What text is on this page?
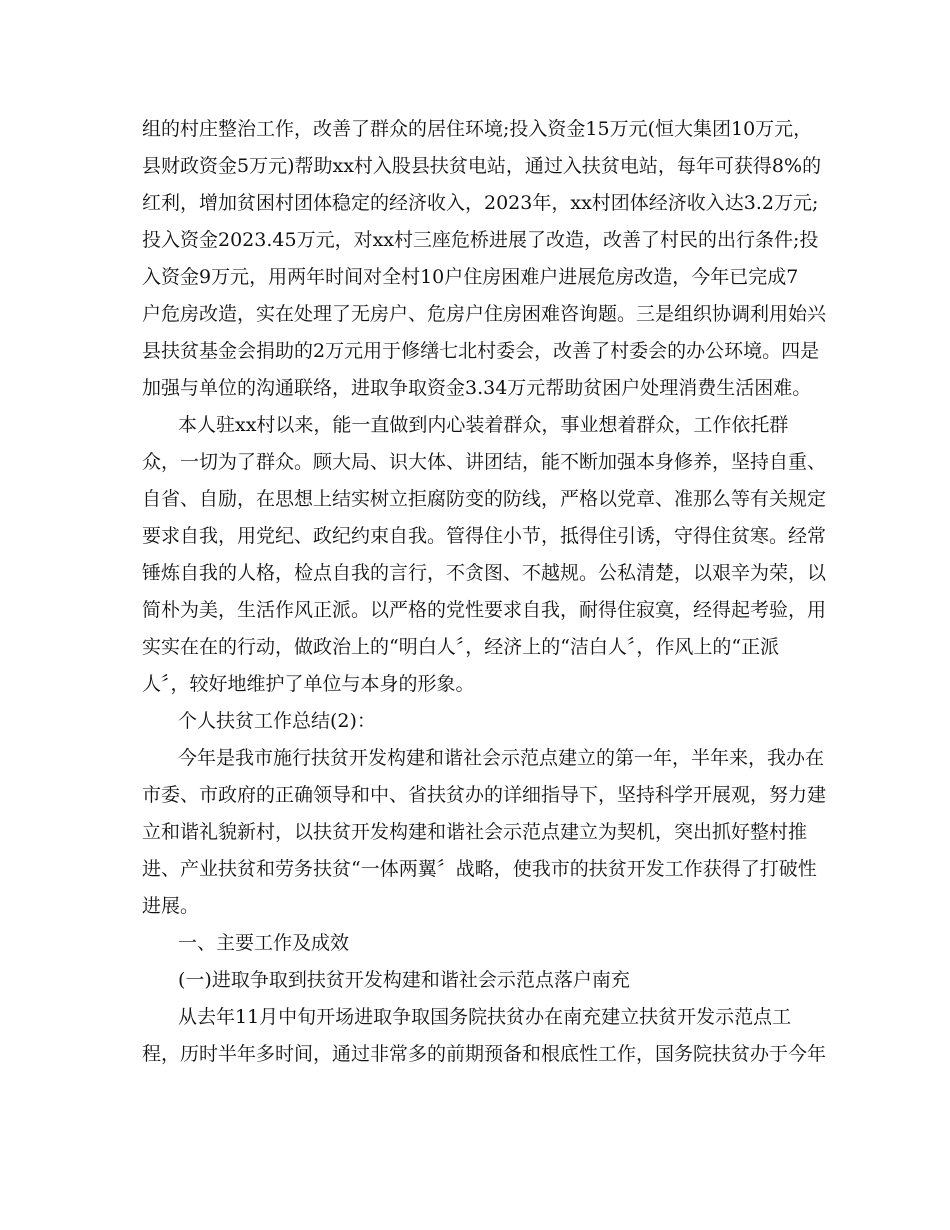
组的村庄整治工作，改善了群众的居住环境;投入资金15万元(恒大集团10万元，

县财政资金5万元)帮助xx村入股县扶贫电站，通过入扶贫电站，每年可获得8%的

红利，增加贫困村团体稳定的经济收入，2023年，xx村团体经济收入达3.2万元;

投入资金2023.45万元，对xx村三座危桥进展了改造，改善了村民的出行条件;投

入资金9万元，用两年时间对全村10户住房困难户进展危房改造，今年已完成7

户危房改造，实在处理了无房户、危房户住房困难咨询题。三是组织协调利用始兴

县扶贫基金会捐助的2万元用于修缮七北村委会，改善了村委会的办公环境。四是

加强与单位的沟通联络，进取争取资金3.34万元帮助贫困户处理消费生活困难。

本人驻xx村以来，能一直做到内心装着群众，事业想着群众，工作依托群

众，一切为了群众。顾大局、识大体、讲团结，能不断加强本身修养，坚持自重、

自省、自励，在思想上结实树立拒腐防变的防线，严格以党章、准那么等有关规定

要求自我，用党纪、政纪约束自我。管得住小节，抵得住引诱，守得住贫寒。经常

锤炼自我的人格，检点自我的言行，不贪图、不越规。公私清楚，以艰辛为荣，以

简朴为美，生活作风正派。以严格的党性要求自我，耐得住寂寞，经得起考验，用

实实在在的行动，做政治上的“明白人〞，经济上的“洁白人〞，作风上的“正派

人〞，较好地维护了单位与本身的形象。

个人扶贫工作总结(2)：

今年是我市施行扶贫开发构建和谐社会示范点建立的第一年，半年来，我办在

市委、市政府的正确领导和中、省扶贫办的详细指导下，坚持科学开展观，努力建

立和谐礼貌新村，以扶贫开发构建和谐社会示范点建立为契机，突出抓好整村推

进、产业扶贫和劳务扶贫“一体两翼〞战略，使我市的扶贫开发工作获得了打破性

进展。

一、主要工作及成效

(一)进取争取到扶贫开发构建和谐社会示范点落户南充

从去年11月中旬开场进取争取国务院扶贫办在南充建立扶贫开发示范点工

程，历时半年多时间，通过非常多的前期预备和根底性工作，国务院扶贫办于今年
